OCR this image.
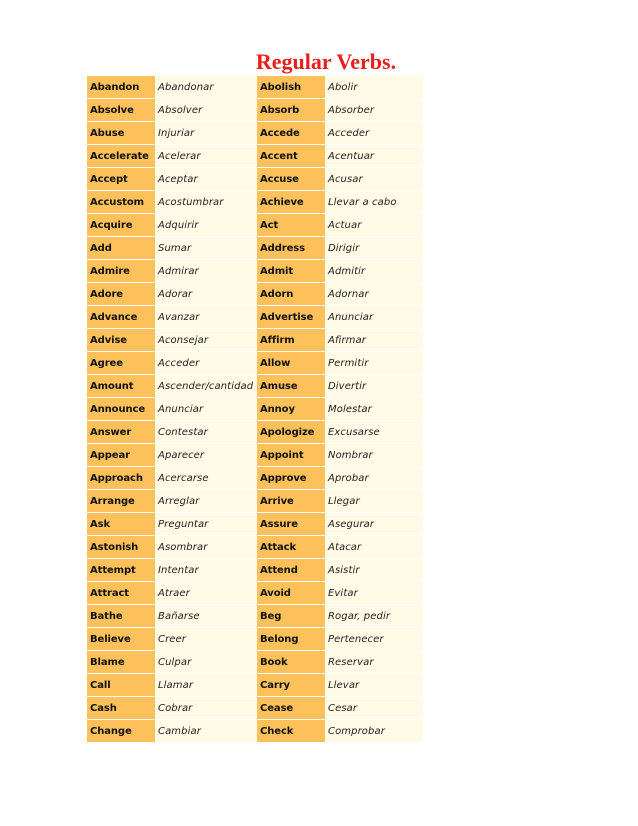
Regular Verbs.
Abandon	Abandonar	Abolish	Abolir
Absolve	Absolver	Absorb	Absorber
Abuse	Injuriar	Accede	Acceder
Accelerate	Acelerar	Accent	Acentuar
Accept	Aceptar	Accuse	Acusar
Accustom	Acostumbrar	Achieve	Llevar a cabo
Acquire	Adquirir	Act	Actuar
Add	Sumar	Address	Dirigir
Admire	Admirar	Admit	Admitir
Adore	Adorar	Adorn	Adornar
Advance	Avanzar	Advertise	Anunciar
Advise	Aconsejar	Affirm	Afirmar
Agree	Acceder	Allow	Permitir
Amount	Ascender/cantidad	Amuse	Divertir
Announce	Anunciar	Annoy	Molestar
Answer	Contestar	Apologize	Excusarse
Appear	Aparecer	Appoint	Nombrar
Approach	Acercarse	Approve	Aprobar
Arrange	Arreglar	Arrive	Llegar
Ask	Preguntar	Assure	Asegurar
Astonish	Asombrar	Attack	Atacar
Attempt	Intentar	Attend	Asistir
Attract	Atraer	Avoid	Evitar
Bathe	Bañarse	Beg	Rogar, pedir
Believe	Creer	Belong	Pertenecer
Blame	Culpar	Book	Reservar
Call	Llamar	Carry	Llevar
Cash	Cobrar	Cease	Cesar
Change	Cambiar	Check	Comprobar
